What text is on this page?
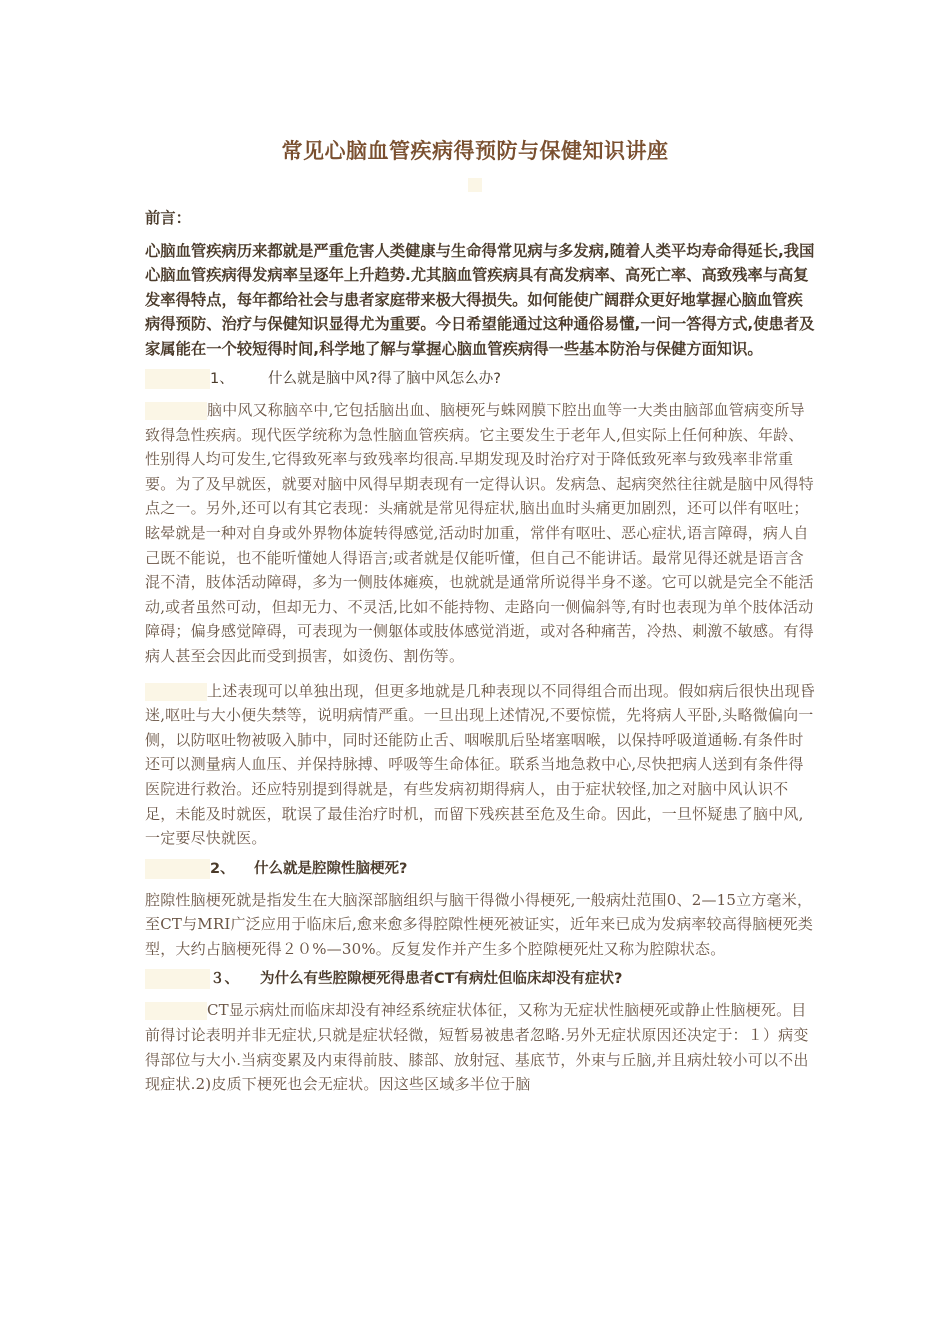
常见心脑血管疾病得预防与保健知识讲座

前言：

心脑血管疾病历来都就是严重危害人类健康与生命得常见病与多发病,随着人类平均寿命得延长,我国心脑血管疾病得发病率呈逐年上升趋势.尤其脑血管疾病具有高发病率、高死亡率、高致残率与高复发率得特点，每年都给社会与患者家庭带来极大得损失。如何能使广阔群众更好地掌握心脑血管疾病得预防、治疗与保健知识显得尤为重要。今日希望能通过这种通俗易懂,一问一答得方式,使患者及家属能在一个较短得时间,科学地了解与掌握心脑血管疾病得一些基本防治与保健方面知识。

1、 什么就是脑中风?得了脑中风怎么办?

脑中风又称脑卒中,它包括脑出血、脑梗死与蛛网膜下腔出血等一大类由脑部血管病变所导致得急性疾病。现代医学统称为急性脑血管疾病。它主要发生于老年人,但实际上任何种族、年龄、性别得人均可发生,它得致死率与致残率均很高.早期发现及时治疗对于降低致死率与致残率非常重要。为了及早就医，就要对脑中风得早期表现有一定得认识。发病急、起病突然往往就是脑中风得特点之一。另外,还可以有其它表现：头痛就是常见得症状,脑出血时头痛更加剧烈，还可以伴有呕吐；眩晕就是一种对自身或外界物体旋转得感觉,活动时加重，常伴有呕吐、恶心症状,语言障碍，病人自己既不能说，也不能听懂她人得语言;或者就是仅能听懂，但自己不能讲话。最常见得还就是语言含混不清，肢体活动障碍，多为一侧肢体瘫痪，也就就是通常所说得半身不遂。它可以就是完全不能活动,或者虽然可动，但却无力、不灵活,比如不能持物、走路向一侧偏斜等,有时也表现为单个肢体活动障碍；偏身感觉障碍，可表现为一侧躯体或肢体感觉消逝，或对各种痛苦，冷热、刺激不敏感。有得病人甚至会因此而受到损害，如烫伤、割伤等。

上述表现可以单独出现，但更多地就是几种表现以不同得组合而出现。假如病后很快出现昏迷,呕吐与大小便失禁等，说明病情严重。一旦出现上述情况,不要惊慌，先将病人平卧,头略微偏向一侧，以防呕吐物被吸入肺中，同时还能防止舌、咽喉肌后坠堵塞咽喉，以保持呼吸道通畅.有条件时还可以测量病人血压、并保持脉搏、呼吸等生命体征。联系当地急救中心,尽快把病人送到有条件得医院进行救治。还应特别提到得就是，有些发病初期得病人，由于症状较怪,加之对脑中风认识不足，未能及时就医，耽误了最佳治疗时机，而留下残疾甚至危及生命。因此，一旦怀疑患了脑中风,一定要尽快就医。

2、 什么就是腔隙性脑梗死?

腔隙性脑梗死就是指发生在大脑深部脑组织与脑干得微小得梗死,一般病灶范围0、2—15立方毫米，至CT与MRI广泛应用于临床后,愈来愈多得腔隙性梗死被证实，近年来已成为发病率较高得脑梗死类型，大约占脑梗死得２０%—30%。反复发作并产生多个腔隙梗死灶又称为腔隙状态。

３、 为什么有些腔隙梗死得患者CT有病灶但临床却没有症状?

CT显示病灶而临床却没有神经系统症状体征，又称为无症状性脑梗死或静止性脑梗死。目前得讨论表明并非无症状,只就是症状轻微，短暂易被患者忽略.另外无症状原因还决定于：１）病变得部位与大小.当病变累及内束得前肢、膝部、放射冠、基底节，外束与丘脑,并且病灶较小可以不出现症状.2)皮质下梗死也会无症状。因这些区域多半位于脑
